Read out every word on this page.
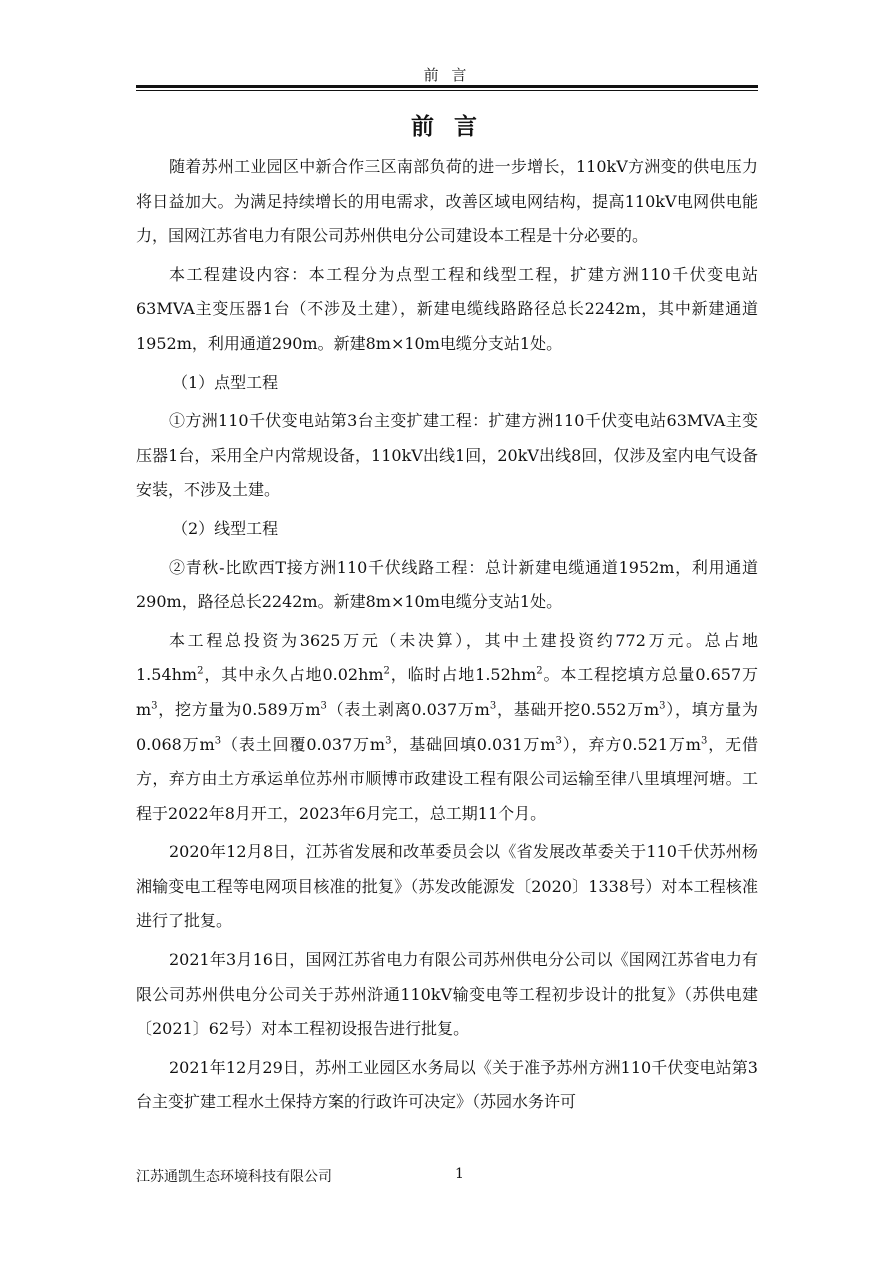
前 言
前 言

随着苏州工业园区中新合作三区南部负荷的进一步增长，110kV方洲变的供电压力将日益加大。为满足持续增长的用电需求，改善区域电网结构，提高110kV电网供电能力，国网江苏省电力有限公司苏州供电分公司建设本工程是十分必要的。

本工程建设内容：本工程分为点型工程和线型工程，扩建方洲110千伏变电站63MVA主变压器1台（不涉及土建），新建电缆线路路径总长2242m，其中新建通道1952m，利用通道290m。新建8m×10m电缆分支站1处。

（1）点型工程

①方洲110千伏变电站第3台主变扩建工程：扩建方洲110千伏变电站63MVA主变压器1台，采用全户内常规设备，110kV出线1回，20kV出线8回，仅涉及室内电气设备安装，不涉及土建。

（2）线型工程

②青秋-比欧西T接方洲110千伏线路工程：总计新建电缆通道1952m，利用通道290m，路径总长2242m。新建8m×10m电缆分支站1处。

本工程总投资为3625万元（未决算），其中土建投资约772万元。总占地$1.54hm^2$，其中永久占地$0.02hm^2$，临时占地$1.52hm^2$。本工程挖填方总量0.657万$m^3$，挖方量为0.589万$m^3$（表土剥离0.037万$m^3$，基础开挖0.552万$m^3$），填方量为0.068万$m^3$（表土回覆0.037万$m^3$，基础回填0.031万$m^3$），弃方0.521万$m^3$，无借方，弃方由土方承运单位苏州市顺博市政建设工程有限公司运输至律八里填埋河塘。工程于2022年8月开工，2023年6月完工，总工期11个月。

2020年12月8日，江苏省发展和改革委员会以《省发展改革委关于110千伏苏州杨湘输变电工程等电网项目核准的批复》（苏发改能源发〔2020〕1338号）对本工程核准进行了批复。

2021年3月16日，国网江苏省电力有限公司苏州供电分公司以《国网江苏省电力有限公司苏州供电分公司关于苏州浒通110kV输变电等工程初步设计的批复》（苏供电建〔2021〕62号）对本工程初设报告进行批复。

2021年12月29日，苏州工业园区水务局以《关于准予苏州方洲110千伏变电站第3台主变扩建工程水土保持方案的行政许可决定》（苏园水务许可

江苏通凯生态环境科技有限公司	1
